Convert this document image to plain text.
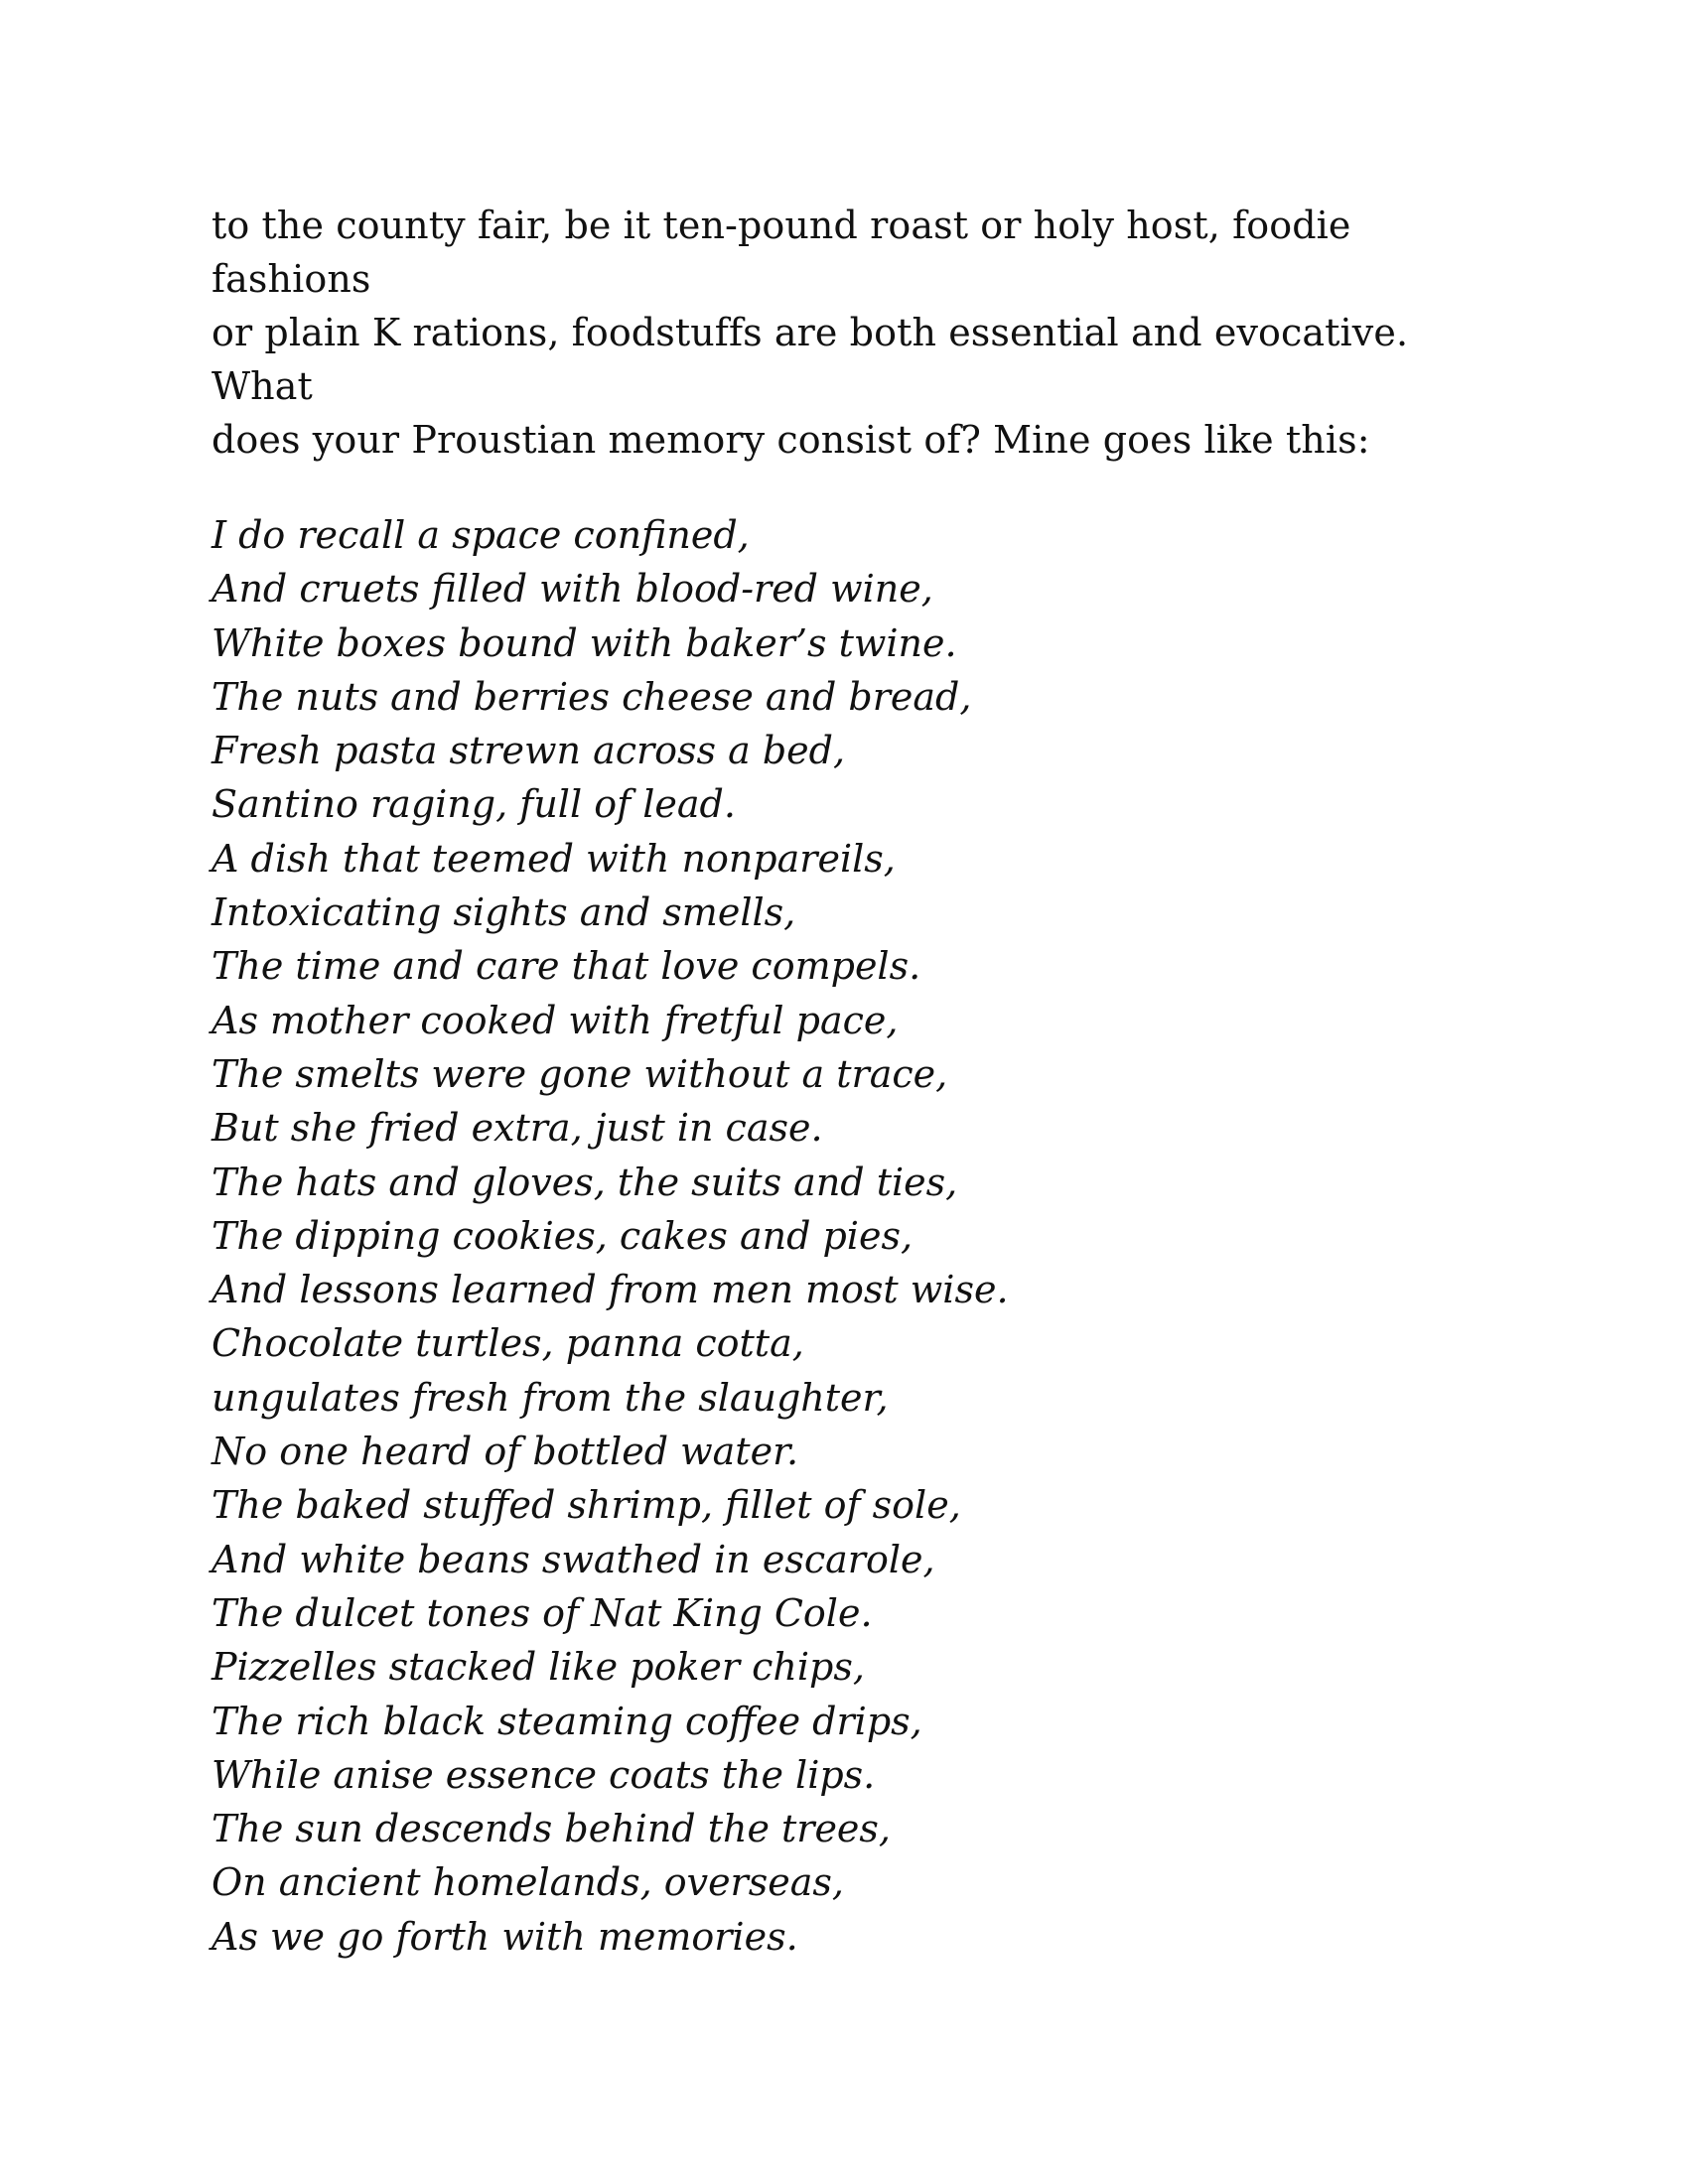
to the county fair, be it ten-pound roast or holy host, foodie fashions

or plain K rations, foodstuffs are both essential and evocative. What

does your Proustian memory consist of? Mine goes like this:

I do recall a space confined,
And cruets filled with blood-red wine,
White boxes bound with baker’s twine.
The nuts and berries cheese and bread,
Fresh pasta strewn across a bed,
Santino raging, full of lead.
A dish that teemed with nonpareils,
Intoxicating sights and smells,
The time and care that love compels.
As mother cooked with fretful pace,
The smelts were gone without a trace,
But she fried extra, just in case.
The hats and gloves, the suits and ties,
The dipping cookies, cakes and pies,
And lessons learned from men most wise.
Chocolate turtles, panna cotta,
ungulates fresh from the slaughter,
No one heard of bottled water.
The baked stuffed shrimp, fillet of sole,
And white beans swathed in escarole,
The dulcet tones of Nat King Cole.
Pizzelles stacked like poker chips,
The rich black steaming coffee drips,
While anise essence coats the lips.
The sun descends behind the trees,
On ancient homelands, overseas,
As we go forth with memories.
